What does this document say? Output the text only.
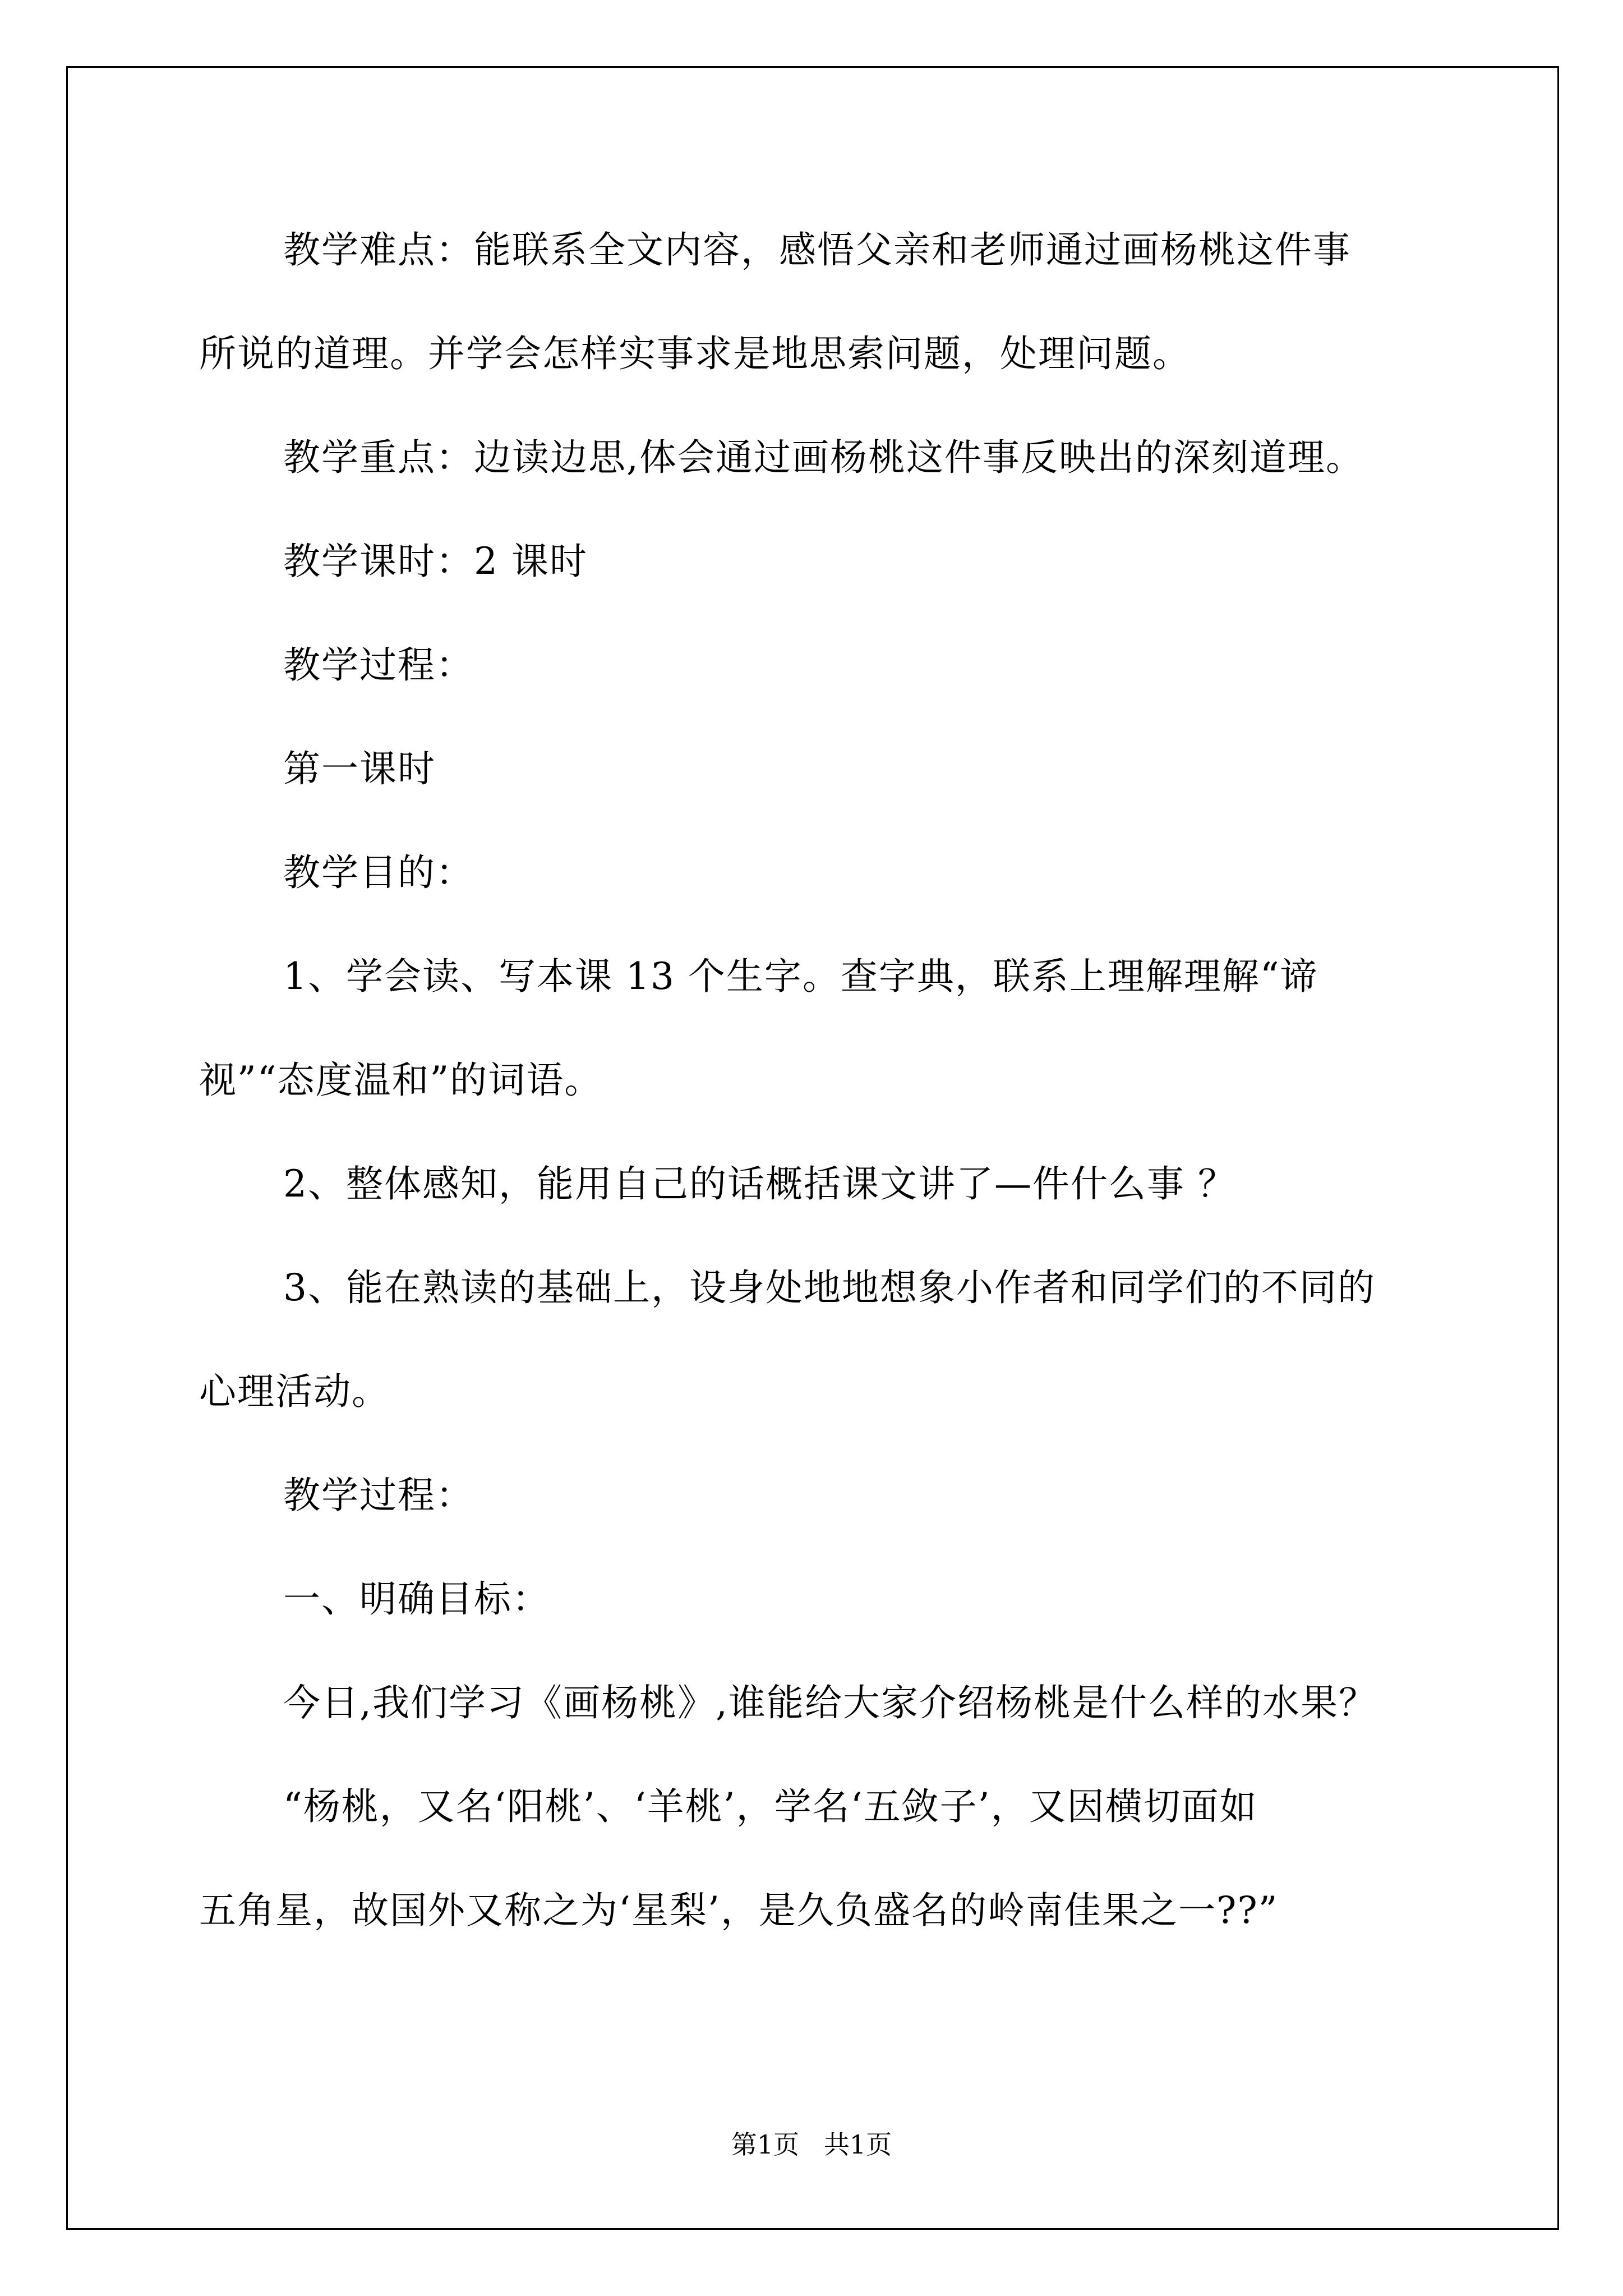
教学难点：能联系全文内容，感悟父亲和老师通过画杨桃这件事
所说的道理。并学会怎样实事求是地思索问题，处理问题。
教学重点：边读边思,体会通过画杨桃这件事反映出的深刻道理。
教学课时：2 课时
教学过程：
第一课时
教学目的：
1、学会读、写本课 13 个生字。查字典，联系上理解理解“谛
视”“态度温和”的词语。
2、整体感知，能用自己的话概括课文讲了—件什么事 ？
3、能在熟读的基础上，设身处地地想象小作者和同学们的不同的
心理活动。
教学过程：
一、明确目标：
今日,我们学习《画杨桃》,谁能给大家介绍杨桃是什么样的水果？
“杨桃，又名‘阳桃’、‘羊桃’，学名‘五敛子’，又因横切面如
五角星，故国外又称之为‘星梨’，是久负盛名的岭南佳果之一??”
第1页   共1页
